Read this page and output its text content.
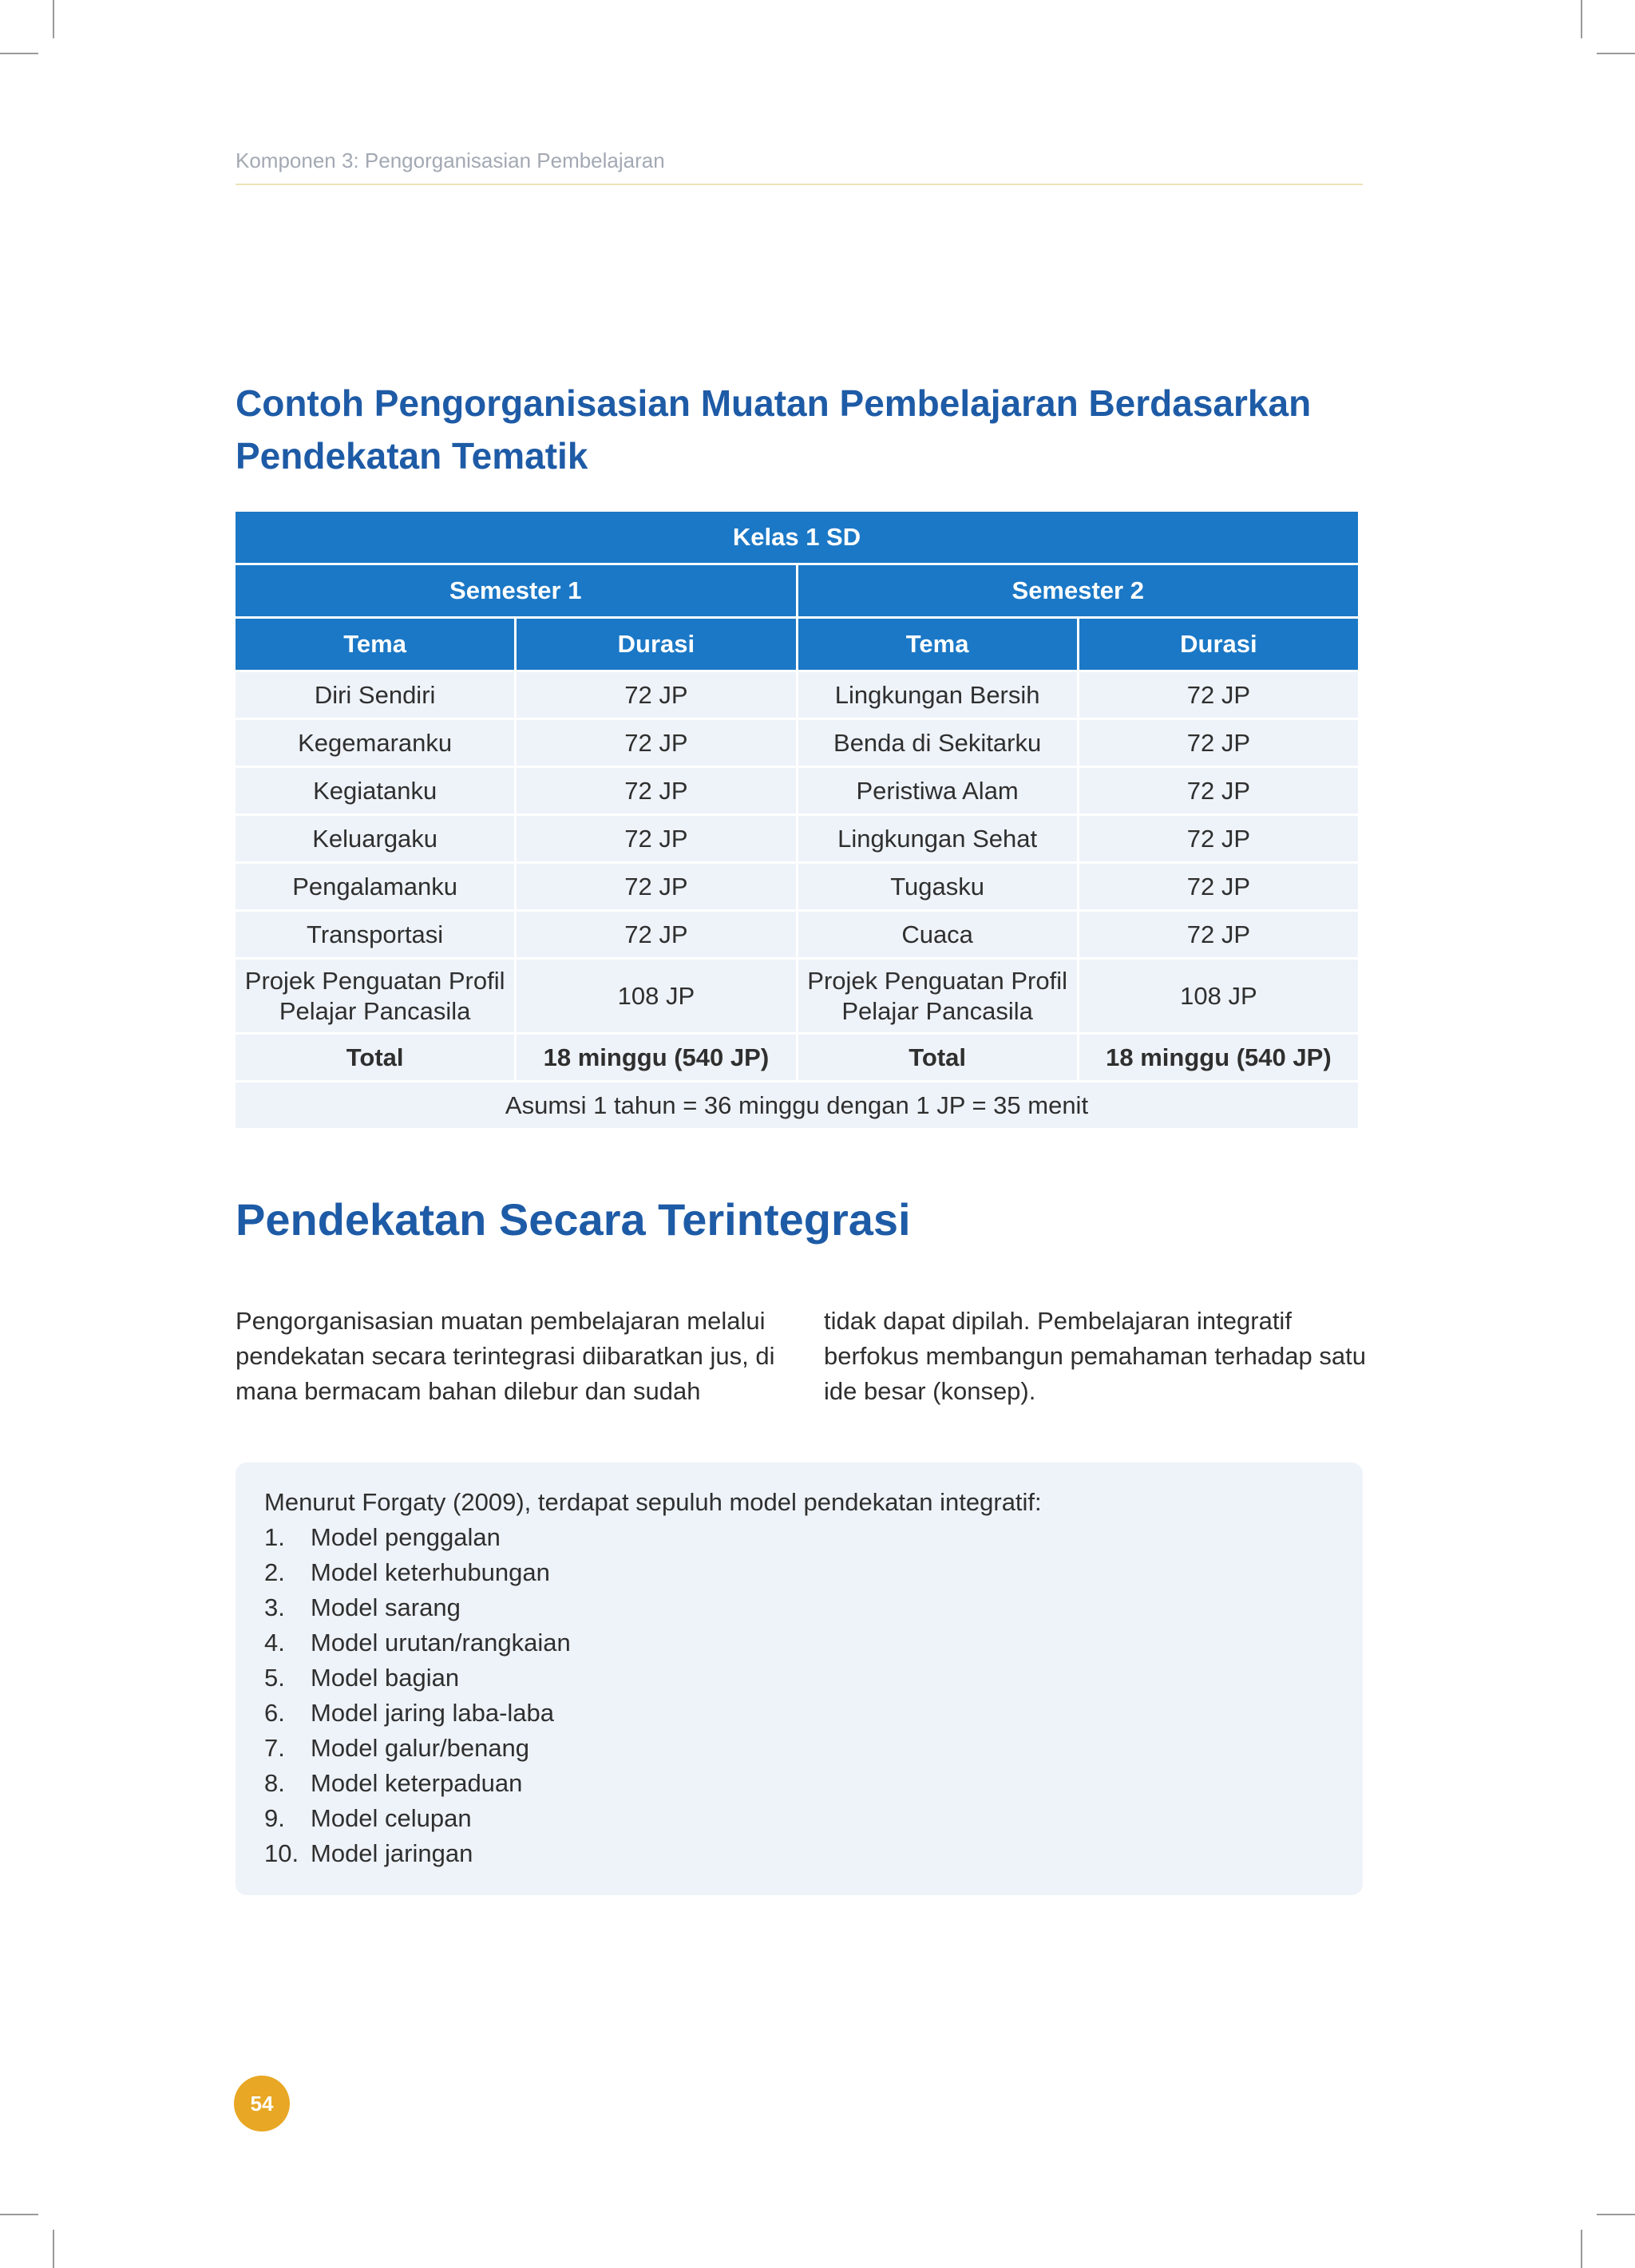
Komponen 3: Pengorganisasian Pembelajaran
Contoh Pengorganisasian Muatan Pembelajaran Berdasarkan Pendekatan Tematik
Kelas 1 SD			
Semester 1		Semester 2	
Tema	Durasi	Tema	Durasi
Diri Sendiri	72 JP	Lingkungan Bersih	72 JP
Kegemaranku	72 JP	Benda di Sekitarku	72 JP
Kegiatanku	72 JP	Peristiwa Alam	72 JP
Keluargaku	72 JP	Lingkungan Sehat	72 JP
Pengalamanku	72 JP	Tugasku	72 JP
Transportasi	72 JP	Cuaca	72 JP
Projek Penguatan Profil Pelajar Pancasila	108 JP	Projek Penguatan Profil Pelajar Pancasila	108 JP
Total	18 minggu (540 JP)	Total	18 minggu (540 JP)
Asumsi 1 tahun = 36 minggu dengan 1 JP = 35 menit			
Pendekatan Secara Terintegrasi

Pengorganisasian muatan pembelajaran melalui pendekatan secara terintegrasi diibaratkan jus, di mana bermacam bahan dilebur dan sudah

tidak dapat dipilah. Pembelajaran integratif berfokus membangun pemahaman terhadap satu ide besar (konsep).

Menurut Forgaty (2009), terdapat sepuluh model pendekatan integratif:
1.	Model penggalan
2.	Model keterhubungan
3.	Model sarang
4.	Model urutan/rangkaian
5.	Model bagian
6.	Model jaring laba-laba
7.	Model galur/benang
8.	Model keterpaduan
9.	Model celupan
10. Model jaringan
54
